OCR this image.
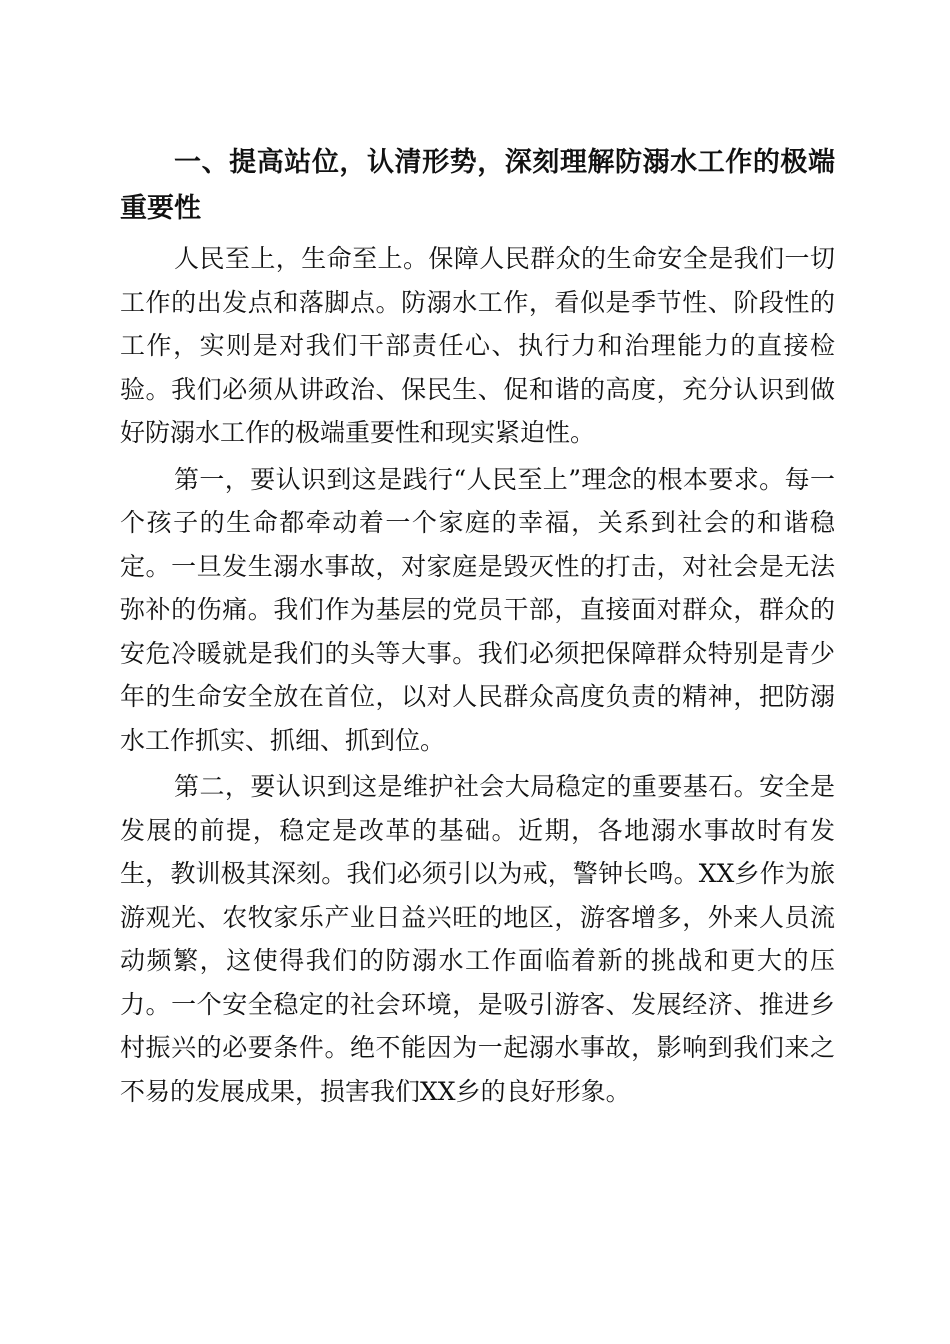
一、提高站位，认清形势，深刻理解防溺水工作的极端重要性

人民至上，生命至上。保障人民群众的生命安全是我们一切工作的出发点和落脚点。防溺水工作，看似是季节性、阶段性的工作，实则是对我们干部责任心、执行力和治理能力的直接检验。我们必须从讲政治、保民生、促和谐的高度，充分认识到做好防溺水工作的极端重要性和现实紧迫性。

第一，要认识到这是践行“人民至上”理念的根本要求。每一个孩子的生命都牵动着一个家庭的幸福，关系到社会的和谐稳定。一旦发生溺水事故，对家庭是毁灭性的打击，对社会是无法弥补的伤痛。我们作为基层的党员干部，直接面对群众，群众的安危冷暖就是我们的头等大事。我们必须把保障群众特别是青少年的生命安全放在首位，以对人民群众高度负责的精神，把防溺水工作抓实、抓细、抓到位。

第二，要认识到这是维护社会大局稳定的重要基石。安全是发展的前提，稳定是改革的基础。近期，各地溺水事故时有发生，教训极其深刻。我们必须引以为戒，警钟长鸣。XX乡作为旅游观光、农牧家乐产业日益兴旺的地区，游客增多，外来人员流动频繁，这使得我们的防溺水工作面临着新的挑战和更大的压力。一个安全稳定的社会环境，是吸引游客、发展经济、推进乡村振兴的必要条件。绝不能因为一起溺水事故，影响到我们来之不易的发展成果，损害我们XX乡的良好形象。
